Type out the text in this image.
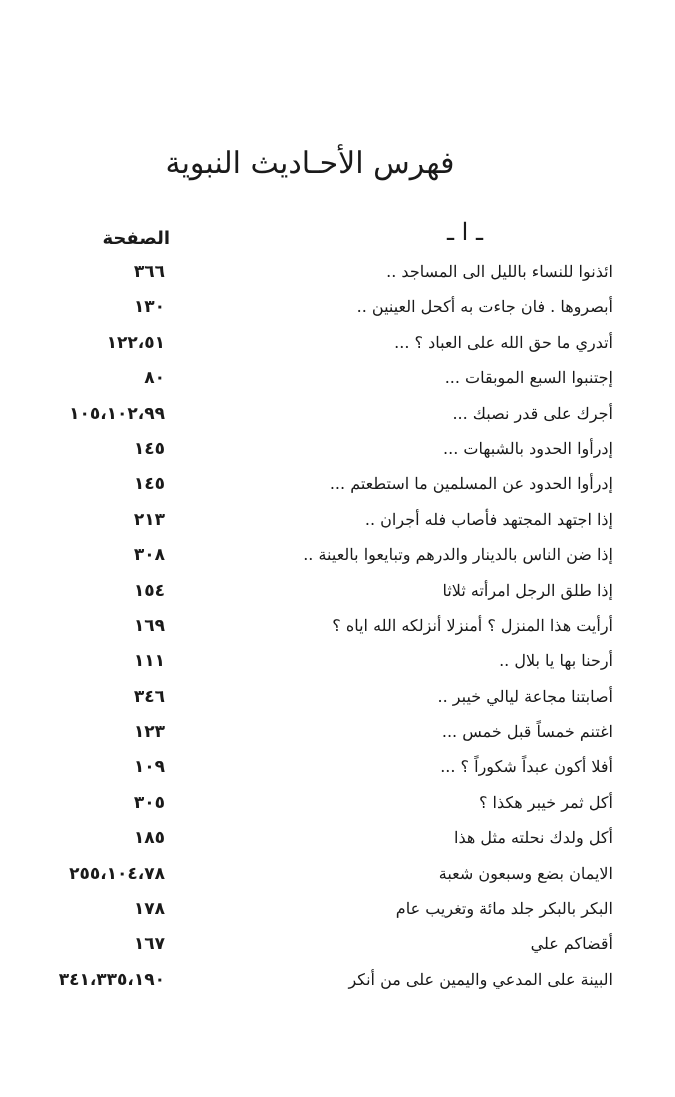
فهرس الأحـاديث النبوية
ـ ا ـ
الصفحة
ائذنوا للنساء بالليل الى المساجد ..
٣٦٦
أبصروها . فان جاءت به أكحل العينين ..
١٣٠
أتدري ما حق الله على العباد ؟ ...
١٢٢،٥١
إجتنبوا السبع الموبقات ...
٨٠
أجرك على قدر نصبك ...
١٠٥،١٠٢،٩٩
إدرأوا الحدود بالشبهات ...
١٤٥
إدرأوا الحدود عن المسلمين ما استطعتم ...
١٤٥
إذا اجتهد المجتهد فأصاب فله أجران ..
٢١٣
إذا ضن الناس بالدينار والدرهم وتبايعوا بالعينة ..
٣٠٨
إذا طلق الرجل امرأته ثلاثا
١٥٤
أرأيت هذا المنزل ؟ أمنزلا أنزلكه الله اياه ؟
١٦٩
أرحنا بها يا بلال ..
١١١
أصابتنا مجاعة ليالي خيبر ..
٣٤٦
اغتنم خمساً قبل خمس ...
١٢٣
أفلا أكون عبداً شكوراً ؟ ...
١٠٩
أكل ثمر خيبر هكذا ؟
٣٠٥
أكل ولدك نحلته مثل هذا
١٨٥
الايمان بضع وسبعون شعبة
٢٥٥،١٠٤،٧٨
البكر بالبكر جلد مائة وتغريب عام
١٧٨
أقضاكم علي
١٦٧
البينة على المدعي واليمين على من أنكر
٣٤١،٣٣٥،١٩٠
